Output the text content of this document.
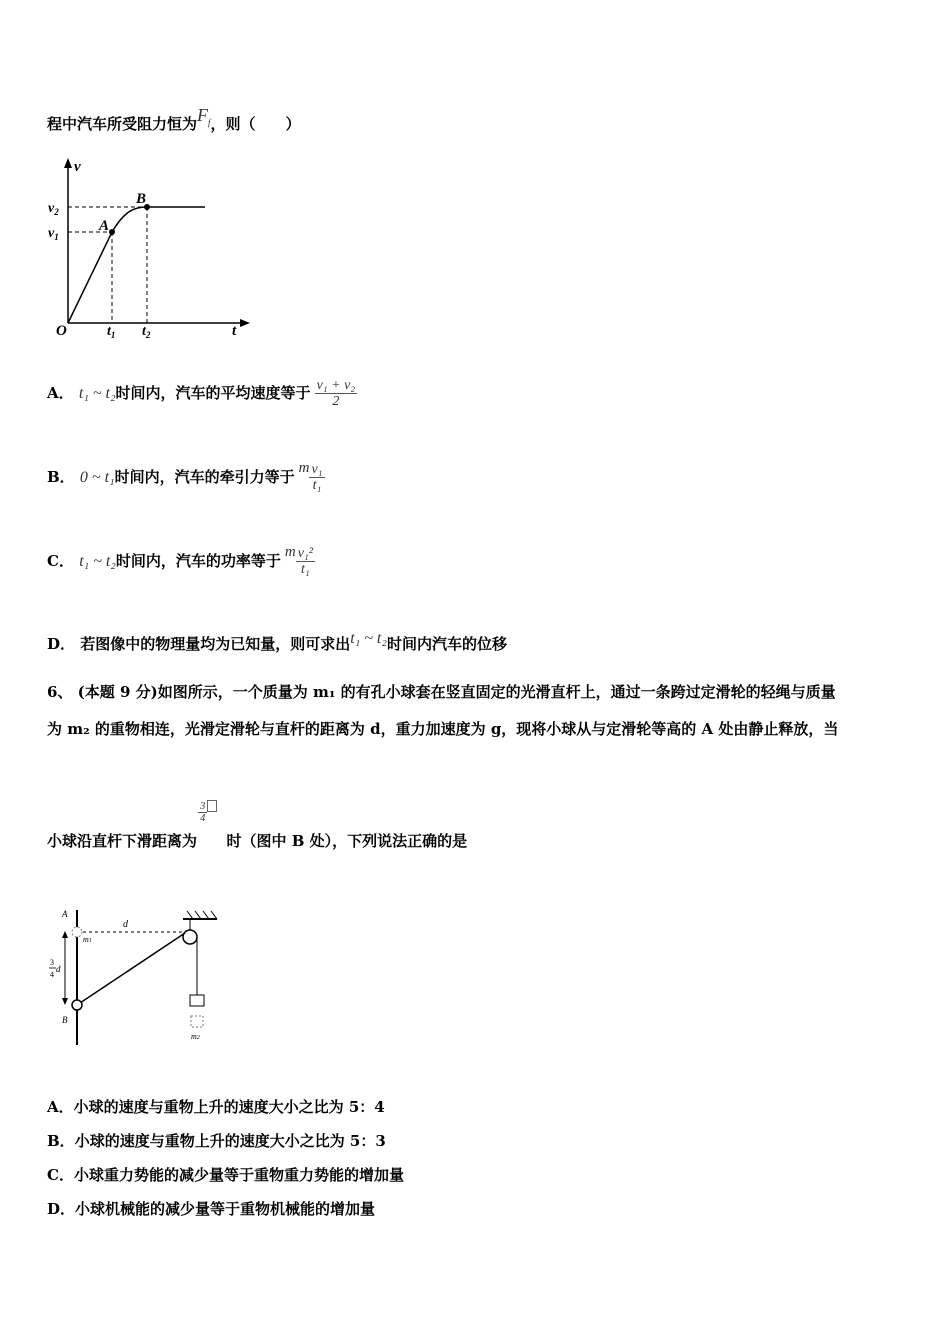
程中汽车所受阻力恒为$F_f$，则（　　）
v
t
O
A
B
$v_2$
$v_1$
$t_1$ $t_2$
A． t₁ ~ t₂时间内，汽车的平均速度等于 $\frac{\text{v₁ + v₂}}{2}$
B． 0 ~ t₁时间内，汽车的牵引力等于 m $\frac{\text{v₁}}{\text{t₁}}$
C． t₁ ~ t₂时间内，汽车的功率等于 m $\frac{\text{v₁²}}{\text{t₁}}$
D． 若图像中的物理量均为已知量，则可求出t₁ ~ t₂时间内汽车的位移
6、 (本题 9 分)如图所示，一个质量为 m₁ 的有孔小球套在竖直固定的光滑直杆上，通过一条跨过定滑轮的轻绳与质量
为 m₂ 的重物相连，光滑定滑轮与直杆的距离为 d，重力加速度为 g，现将小球从与定滑轮等高的 A 处由静止释放，当
小球沿直杆下滑距离为
$\frac{3}{4}$
时（图中 B 处），下列说法正确的是
A
B
d
m1
m2
3
4
d
A．小球的速度与重物上升的速度大小之比为 5：4
B．小球的速度与重物上升的速度大小之比为 5：3
C．小球重力势能的减少量等于重物重力势能的增加量
D．小球机械能的减少量等于重物机械能的增加量
